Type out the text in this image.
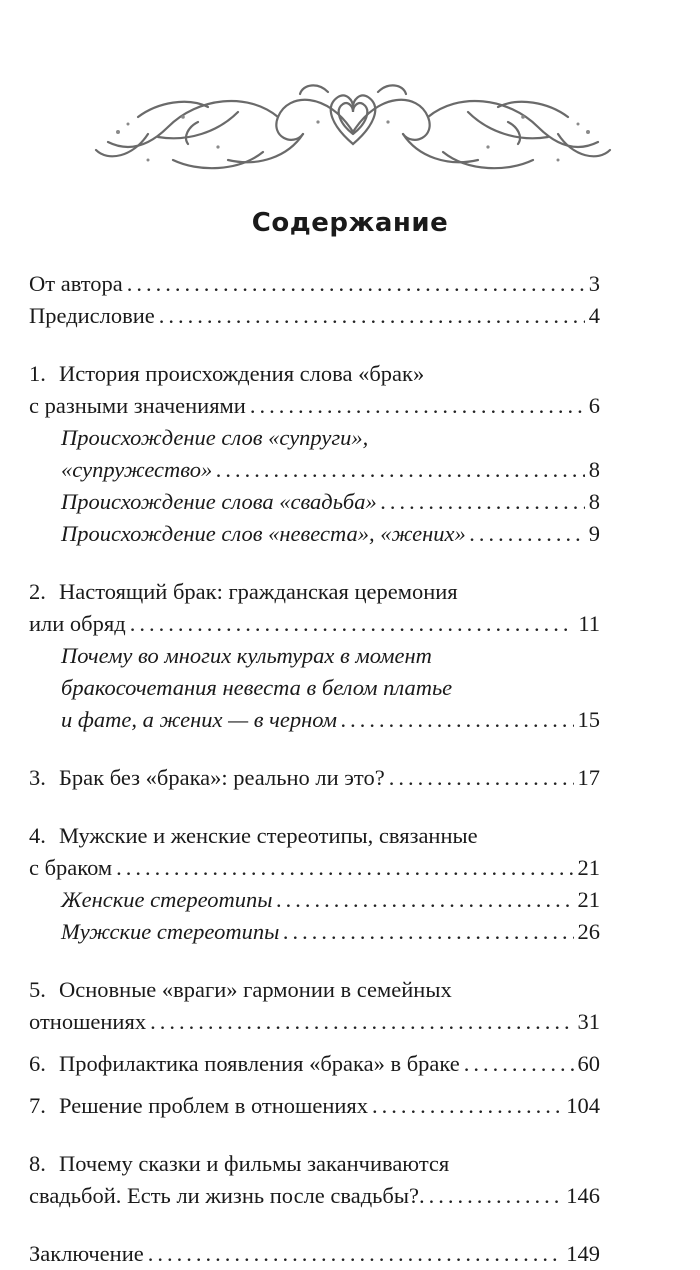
Содержание
От автора .....	3
Предисловие .....	4
1. История происхождения слова «брак»
с разными значениями .....	6
Происхождение слов «супруги»,
«супружество» .....	8
Происхождение слова «свадьба» .....	8
Происхождение слов «невеста», «жених» .....	9
2. Настоящий брак: гражданская церемония
или обряд .....	11
Почему во многих культурах в момент
бракосочетания невеста в белом платье
и фате, а жених — в черном .....	15
3. Брак без «брака»: реально ли это? .....	17
4. Мужские и женские стереотипы, связанные
с браком .....	21
Женские стереотипы .....	21
Мужские стереотипы .....	26
5. Основные «враги» гармонии в семейных
отношениях .....	31
6. Профилактика появления «брака» в браке .....	60
7. Решение проблем в отношениях .....	104
8. Почему сказки и фильмы заканчиваются
свадьбой. Есть ли жизнь после свадьбы?. .....	146
Заключение .....	149
